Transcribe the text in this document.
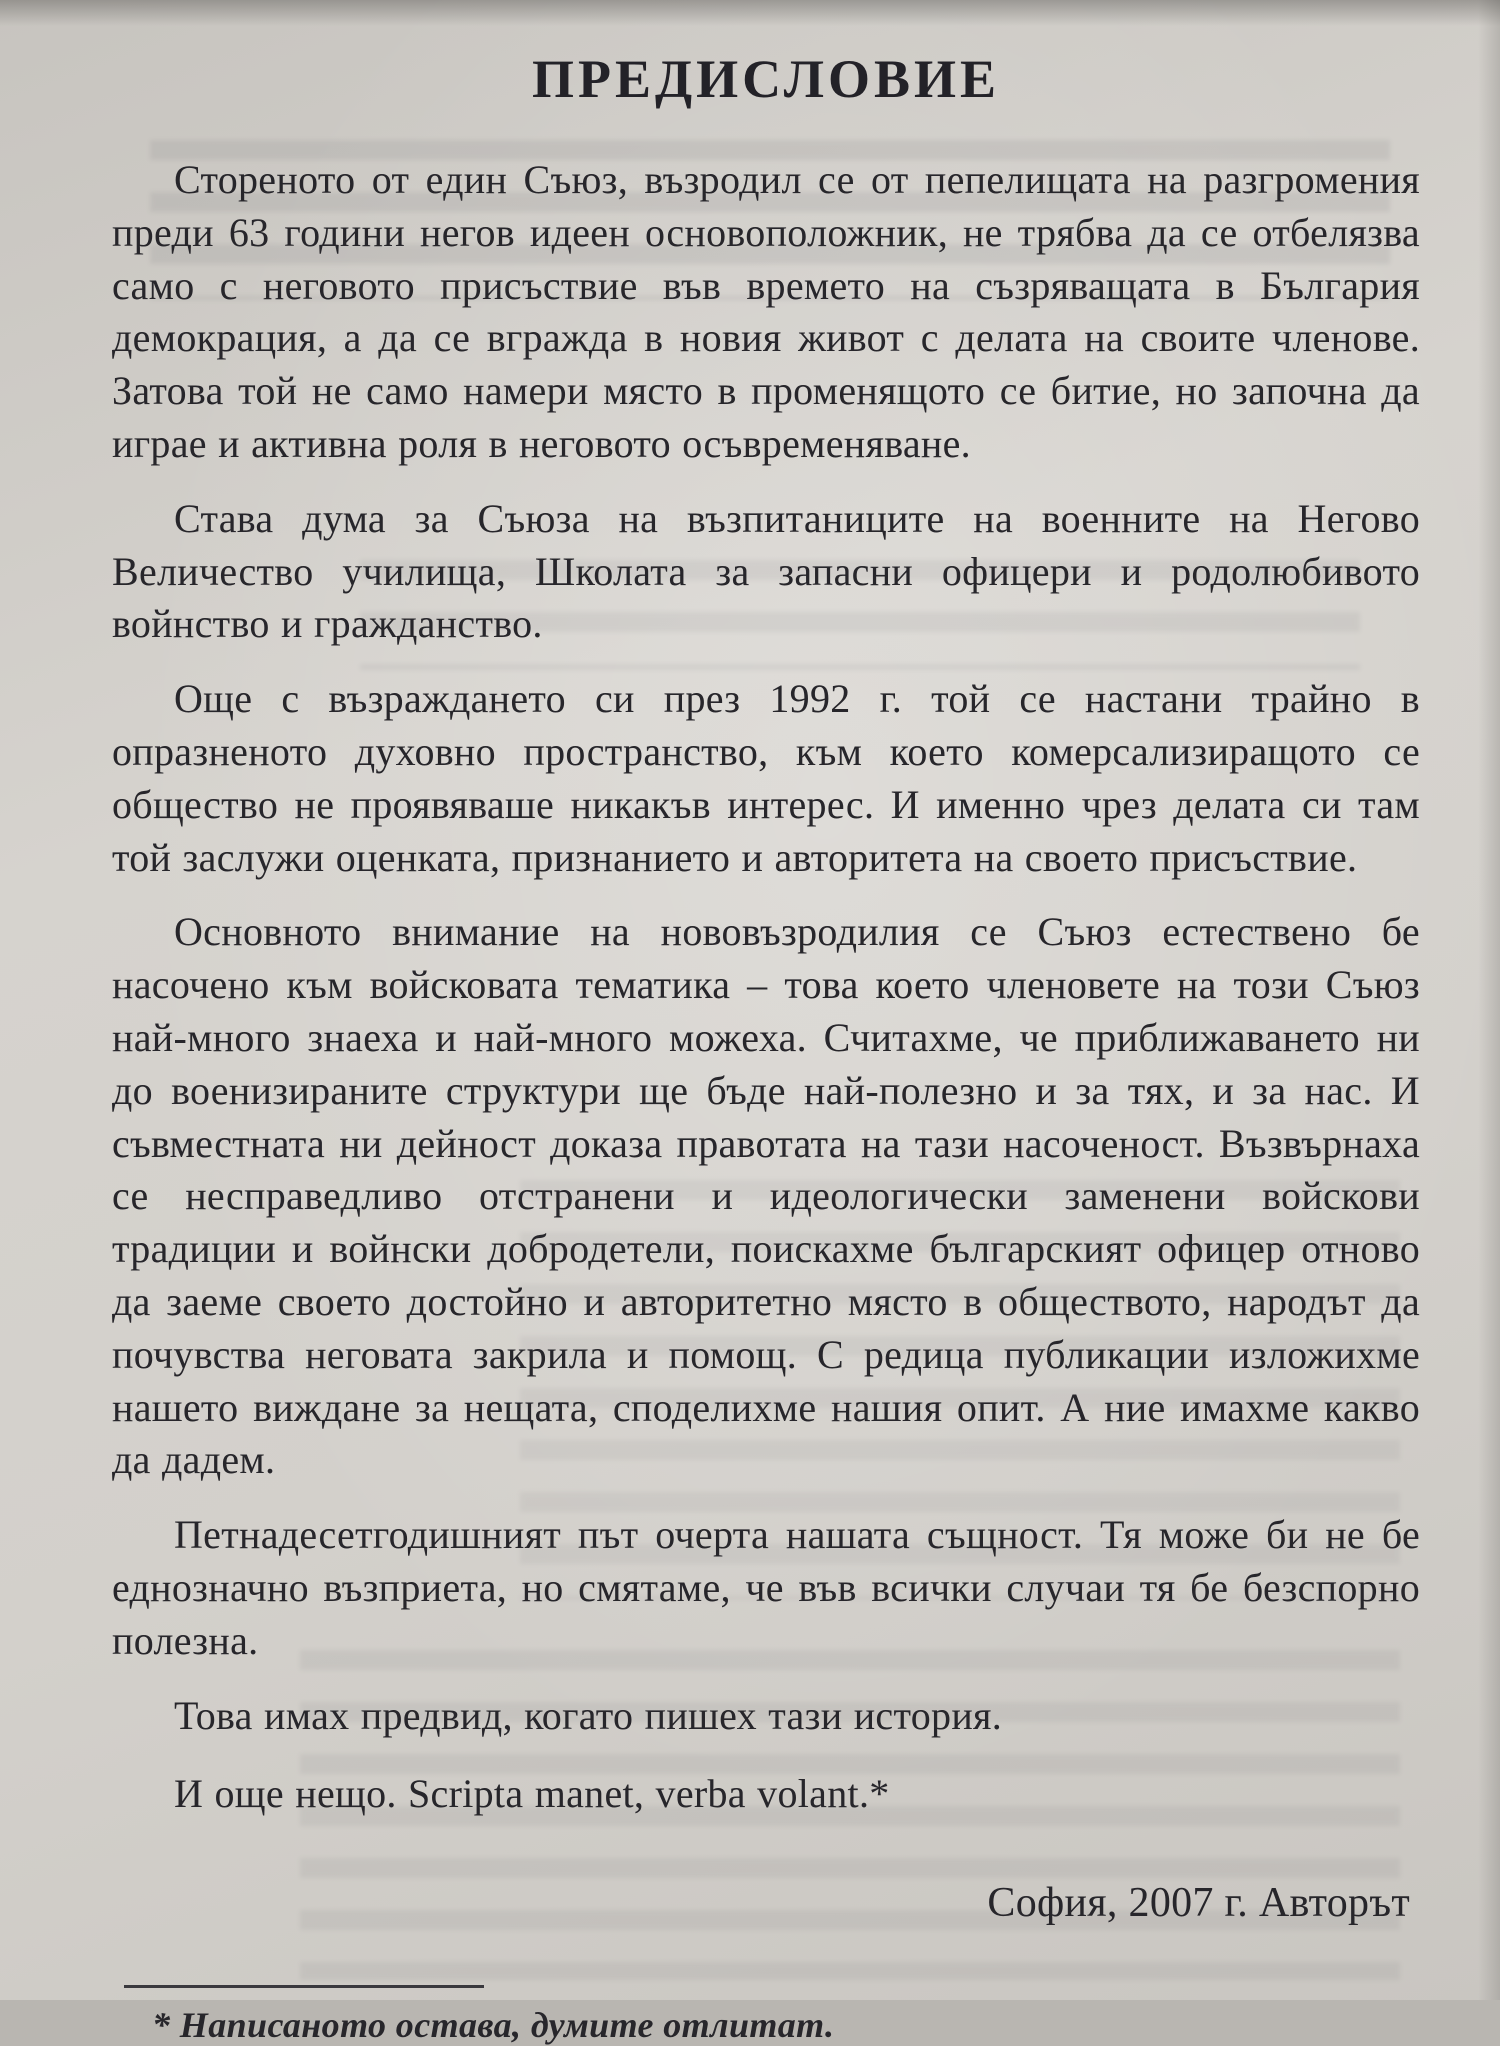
ПРЕДИСЛОВИЕ

Стореното от един Съюз, възродил се от пепелищата на разгромения преди 63 години негов идеен основоположник, не трябва да се отбелязва само с неговото присъствие във времето на съзряващата в България демокрация, а да се вгражда в новия живот с делата на своите членове. Затова той не само намери място в променящото се битие, но започна да играе и активна роля в неговото осъвременяване.

Става дума за Съюза на възпитаниците на военните на Негово Величество училища, Школата за запасни офицери и родолюбивото войнство и гражданство.

Още с възраждането си през 1992 г. той се настани трайно в опразненото духовно пространство, към което комерсализиращото се общество не проявяваше никакъв интерес. И именно чрез делата си там той заслужи оценката, признанието и авторитета на своето присъствие.

Основното внимание на нововъзродилия се Съюз естествено бе насочено към войсковата тематика – това което членовете на този Съюз най-много знаеха и най-много можеха. Считахме, че приближаването ни до военизираните структури ще бъде най-полезно и за тях, и за нас. И съвместната ни дейност доказа правотата на тази насоченост. Възвърнаха се несправедливо отстранени и идеологически заменени войскови традиции и войнски добродетели, поискахме българският офицер отново да заеме своето достойно и авторитетно място в обществото, народът да почувства неговата закрила и помощ. С редица публикации изложихме нашето виждане за нещата, споделихме нашия опит. А ние имахме какво да дадем.

Петнадесетгодишният път очерта нашата същност. Тя може би не бе еднозначно възприета, но смятаме, че във всички случаи тя бе безспорно полезна.

Това имах предвид, когато пишех тази история.

И още нещо. Scripta manet, verba volant.*

София, 2007 г. Авторът

* Написаното остава, думите отлитат.
